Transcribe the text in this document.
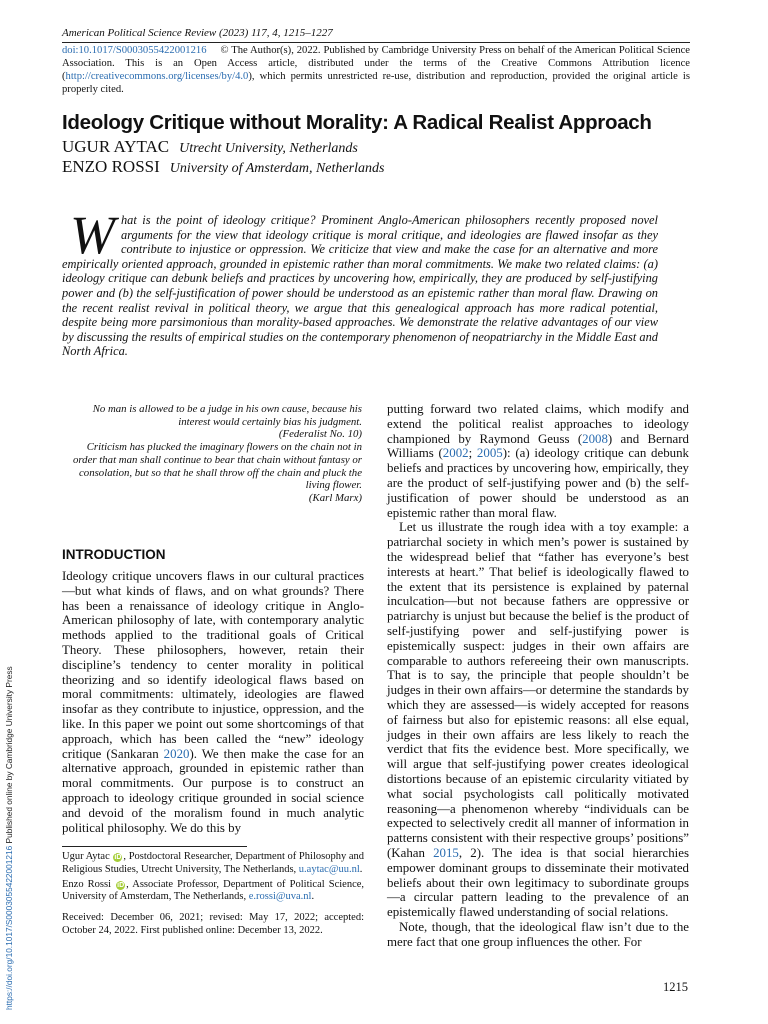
American Political Science Review (2023) 117, 4, 1215–1227
doi:10.1017/S0003055422001216 © The Author(s), 2022. Published by Cambridge University Press on behalf of the American Political Science Association. This is an Open Access article, distributed under the terms of the Creative Commons Attribution licence (http://creativecommons.org/licenses/by/4.0), which permits unrestricted re-use, distribution and reproduction, provided the original article is properly cited.
Ideology Critique without Morality: A Radical Realist Approach
UGUR AYTAC Utrecht University, Netherlands
ENZO ROSSI University of Amsterdam, Netherlands
What is the point of ideology critique? Prominent Anglo-American philosophers recently proposed novel arguments for the view that ideology critique is moral critique, and ideologies are flawed insofar as they contribute to injustice or oppression. We criticize that view and make the case for an alternative and more empirically oriented approach, grounded in epistemic rather than moral commitments. We make two related claims: (a) ideology critique can debunk beliefs and practices by uncovering how, empirically, they are produced by self-justifying power and (b) the self-justification of power should be understood as an epistemic rather than moral flaw. Drawing on the recent realist revival in political theory, we argue that this genealogical approach has more radical potential, despite being more parsimonious than morality-based approaches. We demonstrate the relative advantages of our view by discussing the results of empirical studies on the contemporary phenomenon of neopatriarchy in the Middle East and North Africa.

No man is allowed to be a judge in his own cause, because his interest would certainly bias his judgment.

(Federalist No. 10)

Criticism has plucked the imaginary flowers on the chain not in order that man shall continue to bear that chain without fantasy or consolation, but so that he shall throw off the chain and pluck the living flower.

(Karl Marx)

INTRODUCTION
Ideology critique uncovers flaws in our cultural practices—but what kinds of flaws, and on what grounds? There has been a renaissance of ideology critique in Anglo-American philosophy of late, with contemporary analytic methods applied to the traditional goals of Critical Theory. These philosophers, however, retain their discipline’s tendency to center morality in political theorizing and so identify ideological flaws based on moral commitments: ultimately, ideologies are flawed insofar as they contribute to injustice, oppression, and the like. In this paper we point out some shortcomings of that approach, which has been called the “new” ideology critique (Sankaran 2020). We then make the case for an alternative approach, grounded in epistemic rather than moral commitments. Our purpose is to construct an approach to ideology critique grounded in social science and devoid of the moralism found in much analytic political philosophy. We do this by

putting forward two related claims, which modify and extend the political realist approaches to ideology championed by Raymond Geuss (2008) and Bernard Williams (2002; 2005): (a) ideology critique can debunk beliefs and practices by uncovering how, empirically, they are the product of self-justifying power and (b) the self-justification of power should be understood as an epistemic rather than moral flaw.

Let us illustrate the rough idea with a toy example: a patriarchal society in which men’s power is sustained by the widespread belief that “father has everyone’s best interests at heart.” That belief is ideologically flawed to the extent that its persistence is explained by paternal inculcation—but not because fathers are oppressive or patriarchy is unjust but because the belief is the product of self-justifying power and self-justifying power is epistemically suspect: judges in their own affairs are comparable to authors refereeing their own manuscripts. That is to say, the principle that people shouldn’t be judges in their own affairs—or determine the standards by which they are assessed—is widely accepted for reasons of fairness but also for epistemic reasons: all else equal, judges in their own affairs are less likely to reach the verdict that fits the evidence best. More specifically, we will argue that self-justifying power creates ideological distortions because of an epistemic circularity vitiated by what social psychologists call politically motivated reasoning—a phenomenon whereby “individuals can be expected to selectively credit all manner of information in patterns consistent with their respective groups’ positions” (Kahan 2015, 2). The idea is that social hierarchies empower dominant groups to disseminate their motivated beliefs about their own legitimacy to subordinate groups—a circular pattern leading to the prevalence of an epistemically flawed understanding of social relations.

Note, though, that the ideological flaw isn’t due to the mere fact that one group influences the other. For

Ugur Aytac iD , Postdoctoral Researcher, Department of Philosophy and Religious Studies, Utrecht University, The Netherlands, u.aytac@uu.nl.

Enzo Rossi iD , Associate Professor, Department of Political Science, University of Amsterdam, The Netherlands, e.rossi@uva.nl.

Received: December 06, 2021; revised: May 17, 2022; accepted: October 24, 2022. First published online: December 13, 2022.

1215
https://doi.org/10.1017/S0003055422001216 Published online by Cambridge University Press
